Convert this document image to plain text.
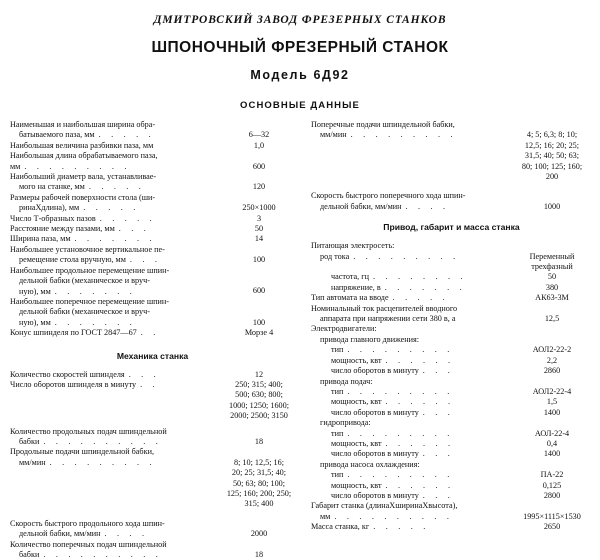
ДМИТРОВСКИЙ ЗАВОД ФРЕЗЕРНЫХ СТАНКОВ
ШПОНОЧНЫЙ ФРЕЗЕРНЫЙ СТАНОК
Модель 6Д92
ОСНОВНЫЕ ДАННЫЕ
Наименьшая и наибольшая ширина обра-
батываемого паза, мм . . . . .	6—32
Наибольшая величина разбивки паза, мм	1,0
Наибольшая длина обрабатываемого паза,
мм . . . . . . . . .	600
Наибольший диаметр вала, устанавливае-
мого на станке, мм . . . . .	120
Размеры рабочей поверхности стола (ши-
ринаХдлина), мм . . . . .	250×1000
Число Т-образных пазов . . . . .	3
Расстояние между пазами, мм . . .	50
Ширина паза, мм . . . . . . .	14
Наибольшее установочное вертикальное пе-
ремещение стола вручную, мм . . .	100
Наибольшее продольное перемещение шпин-
дельной бабки (механическое и вруч-
ную), мм . . . . . . .	600
Наибольшее поперечное перемещение шпин-
дельной бабки (механическое и вруч-
ную), мм . . . . . . .	100
Конус шпинделя по ГОСТ 2847—67 . .	Морзе 4
Механика станка
Количество скоростей шпинделя . . .	12
Число оборотов шпинделя в минуту . .	250; 315; 400;
500; 630; 800;
1000; 1250; 1600;
2000; 2500; 3150
Количество продольных подач шпиндельной
бабки . . . . . . . . . .	18
Продольные подачи шпиндельной бабки,
мм/мин . . . . . . . . .	8; 10; 12,5; 16;
20; 25; 31,5; 40;
50; 63; 80; 100;
125; 160; 200; 250;
315; 400
Скорость быстрого продольного хода шпин-
дельной бабки, мм/мин . . . .	2000
Количество поперечных подач шпиндельной
бабки . . . . . . . . . .	18
Поперечные подачи шпиндельной бабки,
мм/мин . . . . . . . . .	4; 5; 6,3; 8; 10;
12,5; 16; 20; 25;
31,5; 40; 50; 63;
80; 100; 125; 160;
200
Скорость быстрого поперечного хода шпин-
дельной бабки, мм/мин . . . .	1000
Привод, габарит и масса станка
Питающая электросеть:
род тока . . . . . . . . .	Переменный
трехфазный
частота, гц . . . . . . . .	50
напряжение, в . . . . . . .	380
Тип автомата на вводе . . . . .	АК63-3М
Номинальный ток расцепителей вводного
аппарата при напряжении сети 380 в, а	12,5
Электродвигатели:
привода главного движения:
тип . . . . . . . . .	АОЛ2-22-2
мощность, квт . . . . . .	2,2
число оборотов в минуту . . .	2860
привода подач:
тип . . . . . . . . .	АОЛ2-22-4
мощность, квт . . . . . .	1,5
число оборотов в минуту . . .	1400
гидропривода:
тип . . . . . . . . .	АОЛ-22-4
мощность, квт . . . . . .	0,4
число оборотов в минуту . . .	1400
привода насоса охлаждения:
тип . . . . . . . . .	ПА-22
мощность, квт . . . . . .	0,125
число оборотов в минуту . . .	2800
Габарит станка (длинаХширинаХвысота),
мм . . . . . . . . . .	1995×1115×1530
Масса станка, кг . . . . .	2650
